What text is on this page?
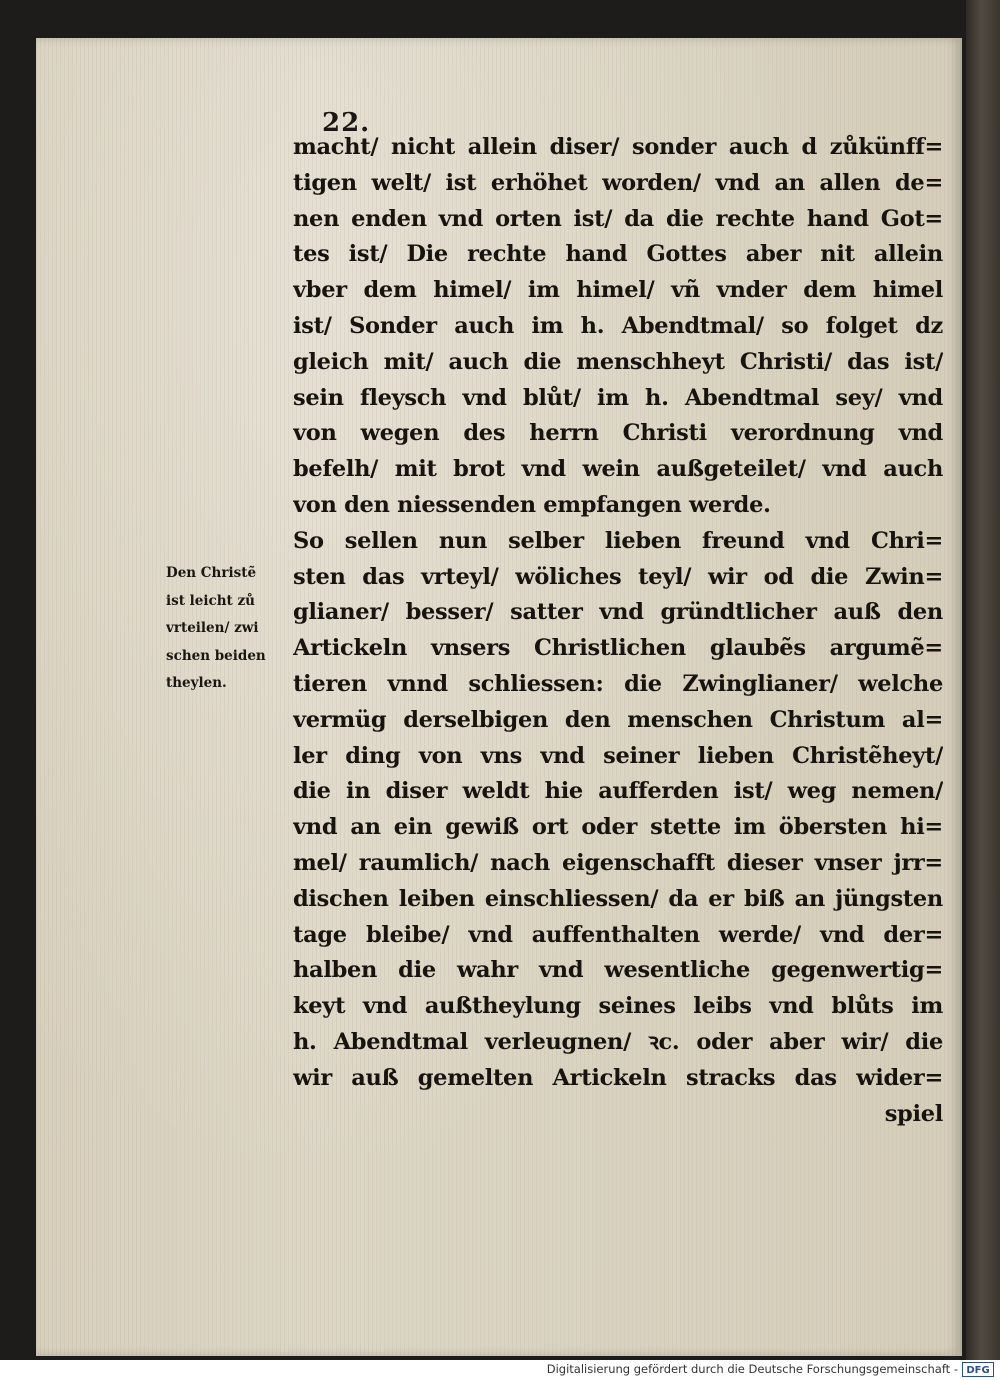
22.
macht/ nicht allein diser/ sonder auch d zůkünff=
tigen welt/ ist erhöhet worden/ vnd an allen de=
nen enden vnd orten ist/ da die rechte hand Got=
tes ist/ Die rechte hand Gottes aber nit allein
vber dem himel/ im himel/ vñ vnder dem himel
ist/ Sonder auch im h. Abendtmal/ so folget dz
gleich mit/ auch die menschheyt Christi/ das ist/
sein fleysch vnd blůt/ im h. Abendtmal sey/ vnd
von wegen des herrn Christi verordnung vnd
befelh/ mit brot vnd wein außgeteilet/ vnd auch
von den niessenden empfangen werde.
So sellen nun selber lieben freund vnd Chri=
sten das vrteyl/ wöliches teyl/ wir od die Zwin=
glianer/ besser/ satter vnd gründtlicher auß den
Artickeln vnsers Christlichen glaubẽs argumẽ=
tieren vnnd schliessen: die Zwinglianer/ welche
vermüg derselbigen den menschen Christum al=
ler ding von vns vnd seiner lieben Christẽheyt/
die in diser weldt hie aufferden ist/ weg nemen/
vnd an ein gewiß ort oder stette im öbersten hi=
mel/ raumlich/ nach eigenschafft dieser vnser jrr=
dischen leiben einschliessen/ da er biß an jüngsten
tage bleibe/ vnd auffenthalten werde/ vnd der=
halben die wahr vnd wesentliche gegenwertig=
keyt vnd außtheylung seines leibs vnd blůts im
h. Abendtmal verleugnen/ ꝛc. oder aber wir/ die
wir auß gemelten Artickeln stracks das wider=
spiel
Den Christẽ
ist leicht zů
vrteilen/ zwi
schen beiden
theylen.
Digitalisierung gefördert durch die Deutsche Forschungsgemeinschaft - DFG
